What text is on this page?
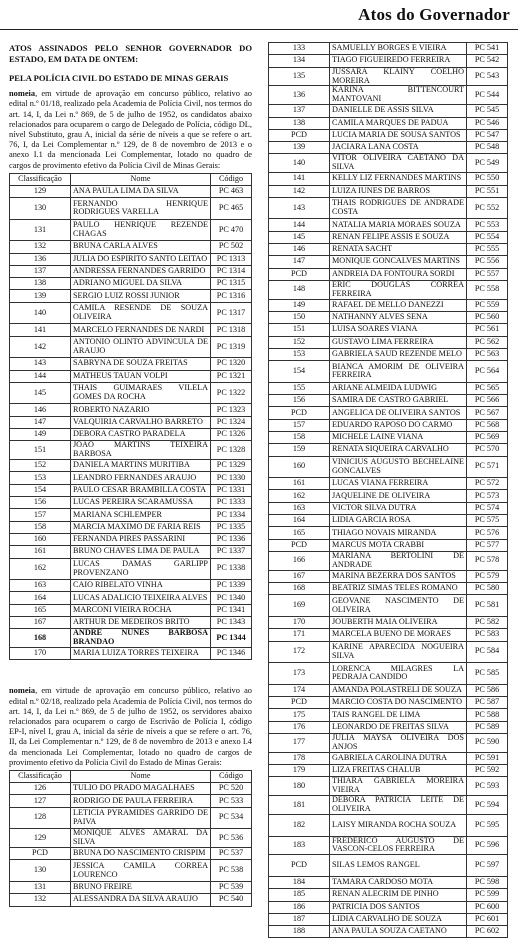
Atos do Governador
ATOS ASSINADOS PELO SENHOR GOVERNADOR DO ESTADO, EM DATA DE ONTEM:
PELA POLÍCIA CIVIL DO ESTADO DE MINAS GERAIS
nomeia, em virtude de aprovação em concurso público, relativo ao edital n.º 01/18, realizado pela Academia de Polícia Civil, nos termos do art. 14, I, da Lei n.º 869, de 5 de julho de 1952, os candidatos abaixo relacionados para ocuparem o cargo de Delegado de Polícia, código DL, nível Substituto, grau A, inicial da série de níveis a que se refere o art. 76, I, da Lei Complementar n.º 129, de 8 de novembro de 2013 e o anexo I.1 da mencionada Lei Complementar, lotado no quadro de cargos de provimento efetivo da Polícia Civil de Minas Gerais:
Classificação	Nome	Código
129	ANA PAULA LIMA DA SILVA	PC 463
130	FERNANDO HENRIQUE RODRIGUES VARELLA	PC 465
131	PAULO HENRIQUE REZENDE CHAGAS	PC 470
132	BRUNA CARLA ALVES	PC 502
136	JULIA DO ESPIRITO SANTO LEITAO	PC 1313
137	ANDRESSA FERNANDES GARRIDO	PC 1314
138	ADRIANO MIGUEL DA SILVA	PC 1315
139	SERGIO LUIZ ROSSI JUNIOR	PC 1316
140	CAMILA RESENDE DE SOUZA OLIVEIRA	PC 1317
141	MARCELO FERNANDES DE NARDI	PC 1318
142	ANTONIO OLINTO ADVINCULA DE ARAUJO	PC 1319
143	SABRYNA DE SOUZA FREITAS	PC 1320
144	MATHEUS TAUAN VOLPI	PC 1321
145	THAIS GUIMARAES VILELA GOMES DA ROCHA	PC 1322
146	ROBERTO NAZARIO	PC 1323
147	VALQUIRIA CARVALHO BARRETO	PC 1324
149	DEBORA CASTRO PARADELA	PC 1326
151	JOAO MARTINS TEIXEIRA BARBOSA	PC 1328
152	DANIELA MARTINS MURITIBA	PC 1329
153	LEANDRO FERNANDES ARAUJO	PC 1330
154	PAULO CESAR BRAMBILLA COSTA	PC 1331
156	LUCAS PEREIRA SCARAMUSSA	PC 1333
157	MARIANA SCHLEMPER	PC 1334
158	MARCIA MAXIMO DE FARIA REIS	PC 1335
160	FERNANDA PIRES PASSARINI	PC 1336
161	BRUNO CHAVES LIMA DE PAULA	PC 1337
162	LUCAS DAMAS GARLIPP PROVENZANO	PC 1338
163	CAIO RIBELATO VINHA	PC 1339
164	LUCAS ADALICIO TEIXEIRA ALVES	PC 1340
165	MARCONI VIEIRA ROCHA	PC 1341
167	ARTHUR DE MEDEIROS BRITO	PC 1343
168	ANDRE NUNES BARBOSA BRANDAO	PC 1344
170	MARIA LUIZA TORRES TEIXEIRA	PC 1346
nomeia, em virtude de aprovação em concurso público, relativo ao edital n.º 02/18, realizado pela Academia de Polícia Civil, nos termos do art. 14, I, da Lei n.º 869, de 5 de julho de 1952, os servidores abaixo relacionados para ocuparem o cargo de Escrivão de Polícia I, código EP-I, nível I, grau A, inicial da série de níveis a que se refere o art. 76, II, da Lei Complementar n.º 129, de 8 de novembro de 2013 e anexo I.4 da mencionada Lei Complementar, lotado no quadro de cargos de provimento efetivo da Polícia Civil do Estado de Minas Gerais:
Classificação	Nome	Código
126	TULIO DO PRADO MAGALHAES	PC 520
127	RODRIGO DE PAULA FERREIRA	PC 533
128	LETICIA PYRAMIDES GARRIDO DE PAIVA	PC 534
129	MONIQUE ALVES AMARAL DA SILVA	PC 536
PCD	BRUNA DO NASCIMENTO CRISPIM	PC 537
130	JESSICA CAMILA CORREA LOURENCO	PC 538
131	BRUNO FREIRE	PC 539
132	ALESSANDRA DA SILVA ARAUJO	PC 540
133	SAMUELLY BORGES E VIEIRA	PC 541
134	TIAGO FIGUEIREDO FERREIRA	PC 542
135	JUSSARA KLAINY COELHO MOREIRA	PC 543
136	KARINA BITTENCOURT MANTOVANI	PC 544
137	DANIELLE DE ASSIS SILVA	PC 545
138	CAMILA MARQUES DE PADUA	PC 546
PCD	LUCIA MARIA DE SOUSA SANTOS	PC 547
139	JACIARA LANA COSTA	PC 548
140	VITOR OLIVEIRA CAETANO DA SILVA	PC 549
141	KELLY LIZ FERNANDES MARTINS	PC 550
142	LUIZA IUNES DE BARROS	PC 551
143	THAIS RODRIGUES DE ANDRADE COSTA	PC 552
144	NATALIA MARIA MORAES SOUZA	PC 553
145	RENAN FELIPE ASSIS E SOUZA	PC 554
146	RENATA SACHT	PC 555
147	MONIQUE GONCALVES MARTINS	PC 556
PCD	ANDREIA DA FONTOURA SORDI	PC 557
148	ERIC DOUGLAS CORREA FERREIRA	PC 558
149	RAFAEL DE MELLO DANEZZI	PC 559
150	NATHANNY ALVES SENA	PC 560
151	LUISA SOARES VIANA	PC 561
152	GUSTAVO LIMA FERREIRA	PC 562
153	GABRIELA SAUD REZENDE MELO	PC 563
154	BIANCA AMORIM DE OLIVEIRA FERREIRA	PC 564
155	ARIANE ALMEIDA LUDWIG	PC 565
156	SAMIRA DE CASTRO GABRIEL	PC 566
PCD	ANGELICA DE OLIVEIRA SANTOS	PC 567
157	EDUARDO RAPOSO DO CARMO	PC 568
158	MICHELE LAINE VIANA	PC 569
159	RENATA SIQUEIRA CARVALHO	PC 570
160	VINICIUS AUGUSTO BECHELAINE GONCALVES	PC 571
161	LUCAS VIANA FERREIRA	PC 572
162	JAQUELINE DE OLIVEIRA	PC 573
163	VICTOR SILVA DUTRA	PC 574
164	LIDIA GARCIA ROSA	PC 575
165	THIAGO NOVAIS MIRANDA	PC 576
PCD	MARCUS MOTA CRABBI	PC 577
166	MARIANA BERTOLINI DE ANDRADE	PC 578
167	MARINA BEZERRA DOS SANTOS	PC 579
168	BEATRIZ SIMAS TELES ROMANO	PC 580
169	GEOVANE NASCIMENTO DE OLIVEIRA	PC 581
170	JOUBERTH MAIA OLIVEIRA	PC 582
171	MARCELA BUENO DE MORAES	PC 583
172	KARINE APARECIDA NOGUEIRA SILVA	PC 584
173	LORENCA MILAGRES LA PEDRAJA CANDIDO	PC 585
174	AMANDA POLASTRELI DE SOUZA	PC 586
PCD	MARCIO COSTA DO NASCIMENTO	PC 587
175	TAIS RANGEL DE LIMA	PC 588
176	LEONARDO DE FREITAS SILVA	PC 589
177	JULIA MAYSA OLIVEIRA DOS ANJOS	PC 590
178	GABRIELA CAROLINA DUTRA	PC 591
179	LIZA FREITAS CHALUB	PC 592
180	THIARA GABRIELA MOREIRA VIEIRA	PC 593
181	DEBORA PATRICIA LEITE DE OLIVEIRA	PC 594
182	LAISY MIRANDA ROCHA SOUZA	PC 595
183	FREDERICO AUGUSTO DE VASCON-CELOS FERREIRA	PC 596
PCD	SILAS LEMOS RANGEL	PC 597
184	TAMARA CARDOSO MOTA	PC 598
185	RENAN ALECRIM DE PINHO	PC 599
186	PATRICIA DOS SANTOS	PC 600
187	LIDIA CARVALHO DE SOUZA	PC 601
188	ANA PAULA SOUZA CAETANO	PC 602
